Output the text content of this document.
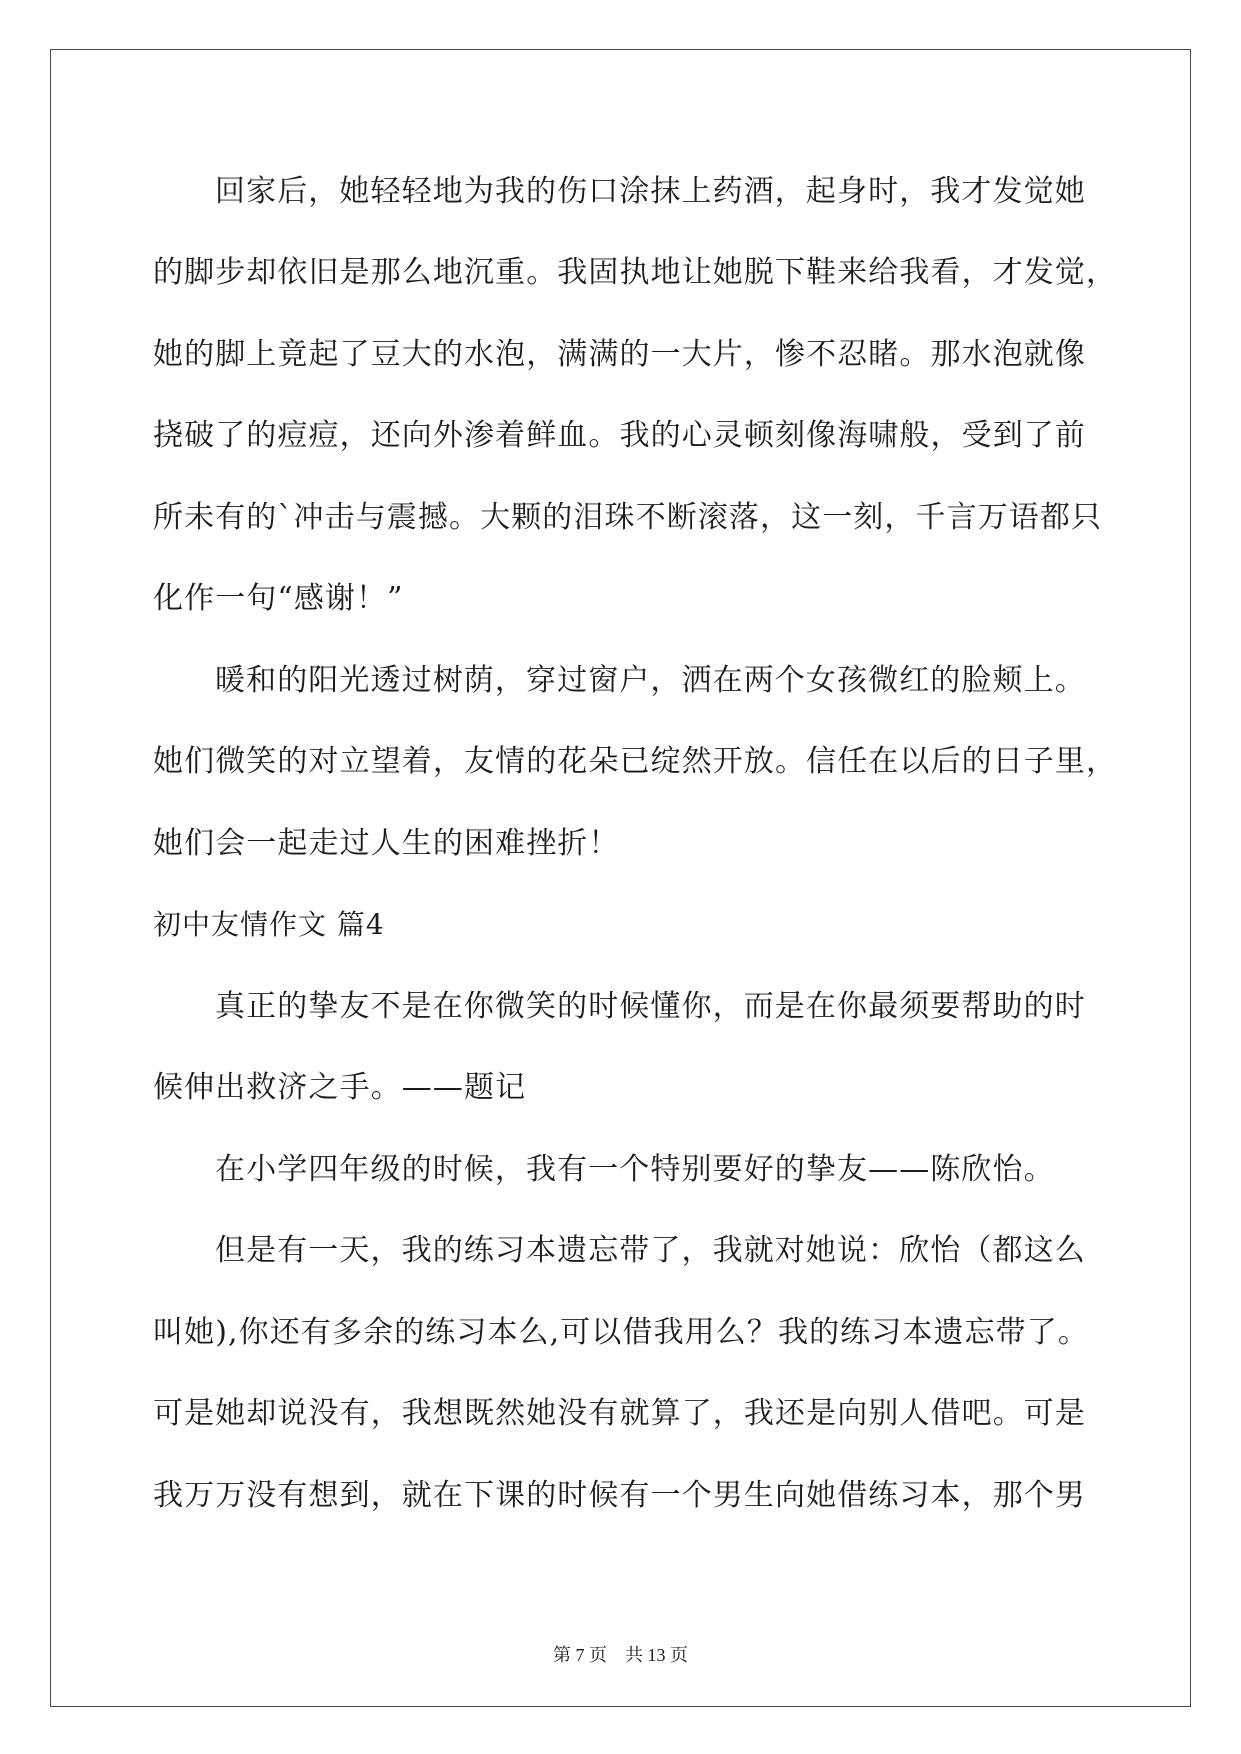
回家后，她轻轻地为我的伤口涂抹上药酒，起身时，我才发觉她
的脚步却依旧是那么地沉重。我固执地让她脱下鞋来给我看，才发觉，
她的脚上竟起了豆大的水泡，满满的一大片，惨不忍睹。那水泡就像
挠破了的痘痘，还向外渗着鲜血。我的心灵顿刻像海啸般，受到了前
所未有的`冲击与震撼。大颗的泪珠不断滚落，这一刻，千言万语都只
化作一句“感谢！”
暖和的阳光透过树荫，穿过窗户，洒在两个女孩微红的脸颊上。
她们微笑的对立望着，友情的花朵已绽然开放。信任在以后的日子里，
她们会一起走过人生的困难挫折！
初中友情作文 篇4
真正的挚友不是在你微笑的时候懂你，而是在你最须要帮助的时
候伸出救济之手。——题记
在小学四年级的时候，我有一个特别要好的挚友——陈欣怡。
但是有一天，我的练习本遗忘带了，我就对她说：欣怡（都这么
叫她),你还有多余的练习本么,可以借我用么？我的练习本遗忘带了。
可是她却说没有，我想既然她没有就算了，我还是向别人借吧。可是
我万万没有想到，就在下课的时候有一个男生向她借练习本，那个男
第 7 页 共 13 页
